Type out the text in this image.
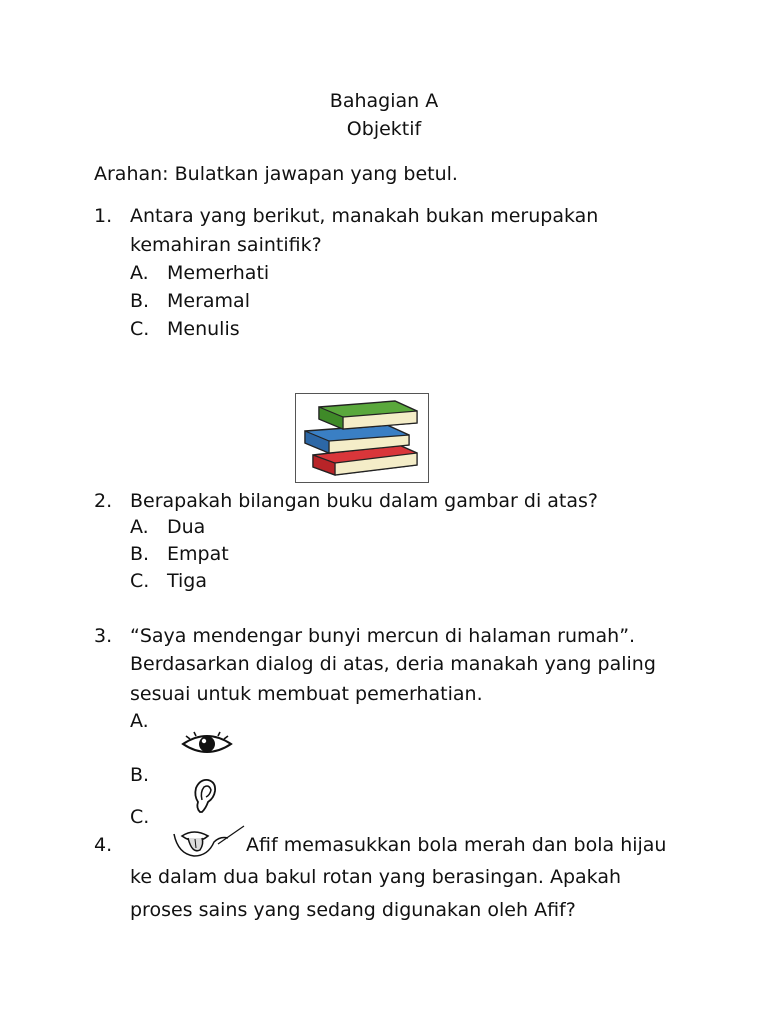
Bahagian A
Objektif
Arahan: Bulatkan jawapan yang betul.
1. Antara yang berikut, manakah bukan merupakan
kemahiran saintifik?
A. Memerhati
B. Meramal
C. Menulis
2. Berapakah bilangan buku dalam gambar di atas?
A. Dua
B. Empat
C. Tiga
3. “Saya mendengar bunyi mercun di halaman rumah”.
Berdasarkan dialog di atas, deria manakah yang paling
sesuai untuk membuat pemerhatian.
A.
B.
C.
4.	Afif memasukkan bola merah dan bola hijau
ke dalam dua bakul rotan yang berasingan. Apakah
proses sains yang sedang digunakan oleh Afif?
